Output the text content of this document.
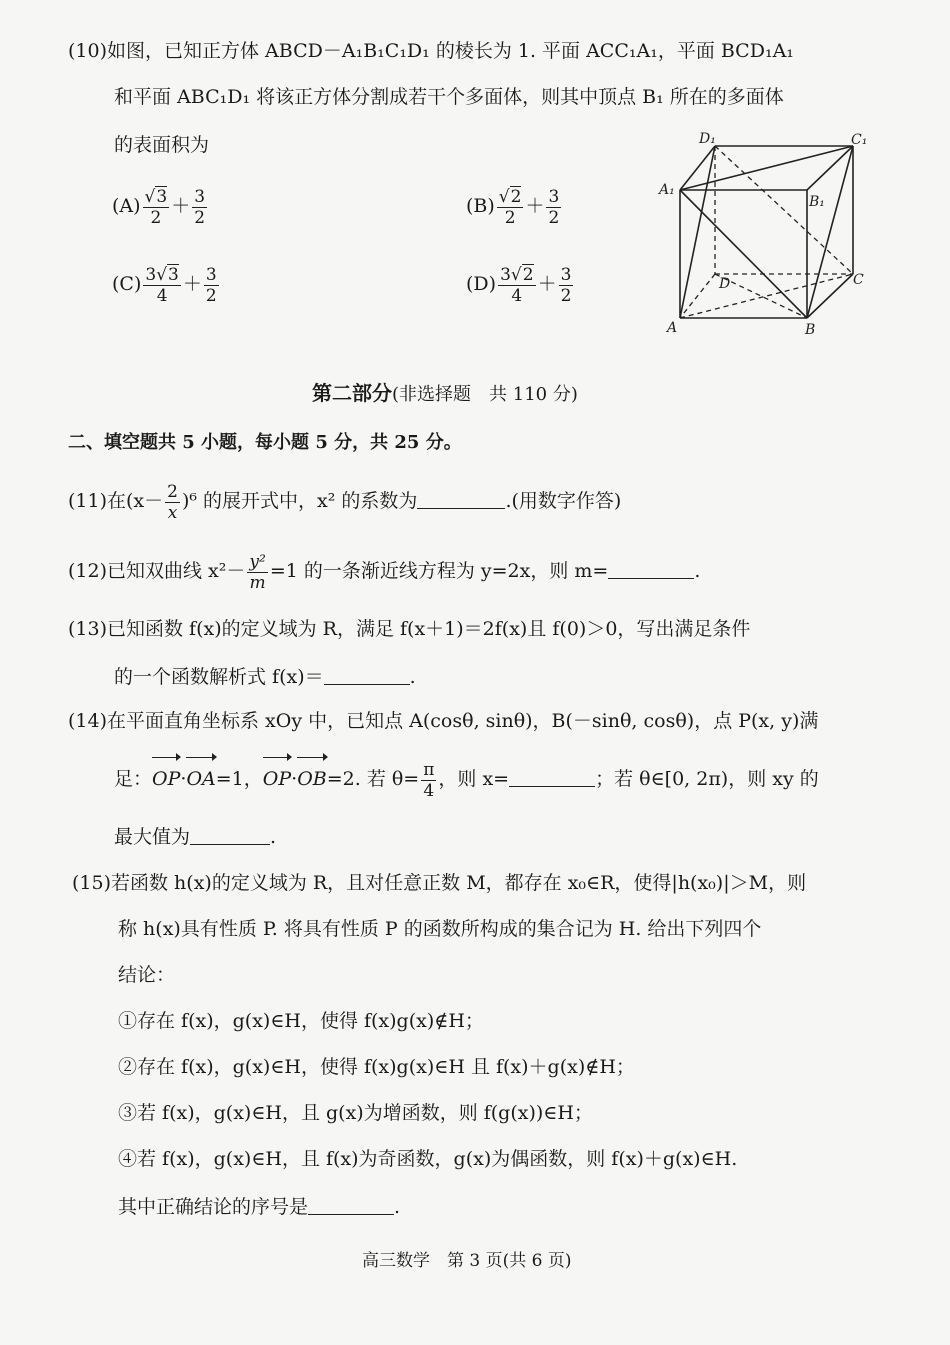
(10)如图，已知正方体 ABCD－A₁B₁C₁D₁ 的棱长为 1. 平面 ACC₁A₁，平面 BCD₁A₁
和平面 ABC₁D₁ 将该正方体分割成若干个多面体，则其中顶点 B₁ 所在的多面体
的表面积为
$(A) \frac{√3}{2} + \frac{3}{2}$	$(B) \frac{√2}{2} + \frac{3}{2}$
$(C) \frac{3√3}{4} + \frac{3}{2}$	$(D) \frac{3√2}{4} + \frac{3}{2}$
D₁	C₁
A₁
B₁
D	C
A	B
第二部分(非选择题　共 110 分)
二、填空题共 5 小题，每小题 5 分，共 25 分。
(11)在$(x- \frac{2}{x} )^6$ 的展开式中，x² 的系数为	.(用数字作答)
(12)已知双曲线 $x^2- \frac{\text{y²}}{m} =1$ 的一条渐近线方程为 y=2x，则 m=	.
(13)已知函数 f(x)的定义域为 R，满足 f(x＋1)＝2f(x)且 f(0)＞0，写出满足条件
的一个函数解析式 f(x)＝	.
(14)在平面直角坐标系 xOy 中，已知点 A(cosθ, sinθ)，B(－sinθ, cosθ)，点 P(x, y)满
足：OP·OA=1，OP·OB=2. 若 $\theta= \frac{\pi}{4}$ ，则 x=	；若 θ∈[0, 2π)，则 xy 的
最大值为	.
(15)若函数 h(x)的定义域为 R，且对任意正数 M，都存在 x₀∈R，使得|h(x₀)|＞M，则
称 h(x)具有性质 P. 将具有性质 P 的函数所构成的集合记为 H. 给出下列四个
结论：
①存在 f(x)，g(x)∈H，使得 f(x)g(x)∉H；
②存在 f(x)，g(x)∈H，使得 f(x)g(x)∈H 且 f(x)＋g(x)∉H；
③若 f(x)，g(x)∈H，且 g(x)为增函数，则 f(g(x))∈H；
④若 f(x)，g(x)∈H，且 f(x)为奇函数，g(x)为偶函数，则 f(x)＋g(x)∈H.
其中正确结论的序号是	.
高三数学　第 3 页(共 6 页)
